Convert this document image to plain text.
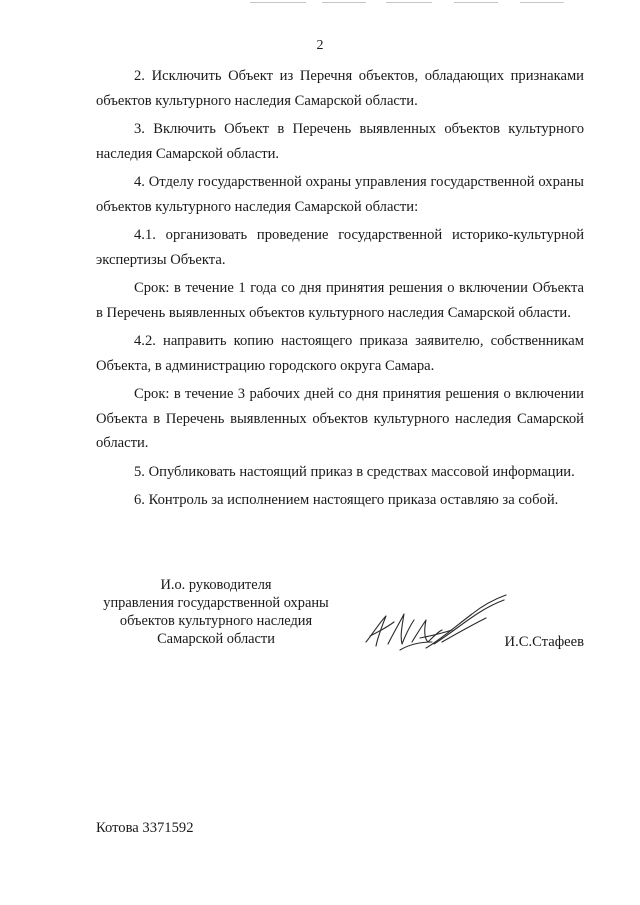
2

2. Исключить Объект из Перечня объектов, обладающих признаками объектов культурного наследия Самарской области.

3. Включить Объект в Перечень выявленных объектов культурного наследия Самарской области.

4. Отделу государственной охраны управления государственной охраны объектов культурного наследия Самарской области:

4.1. организовать проведение государственной историко-культурной экспертизы Объекта.

Срок: в течение 1 года со дня принятия решения о включении Объекта в Перечень выявленных объектов культурного наследия Самарской области.

4.2. направить копию настоящего приказа заявителю, собственникам Объекта, в администрацию городского округа Самара.

Срок: в течение 3 рабочих дней со дня принятия решения о включении Объекта в Перечень выявленных объектов культурного наследия Самарской области.

5. Опубликовать настоящий приказ в средствах массовой информации.

6. Контроль за исполнением настоящего приказа оставляю за собой.

И.о. руководителя
управления государственной охраны
объектов культурного наследия
Самарской области	И.С.Стафеев
Котова 3371592
